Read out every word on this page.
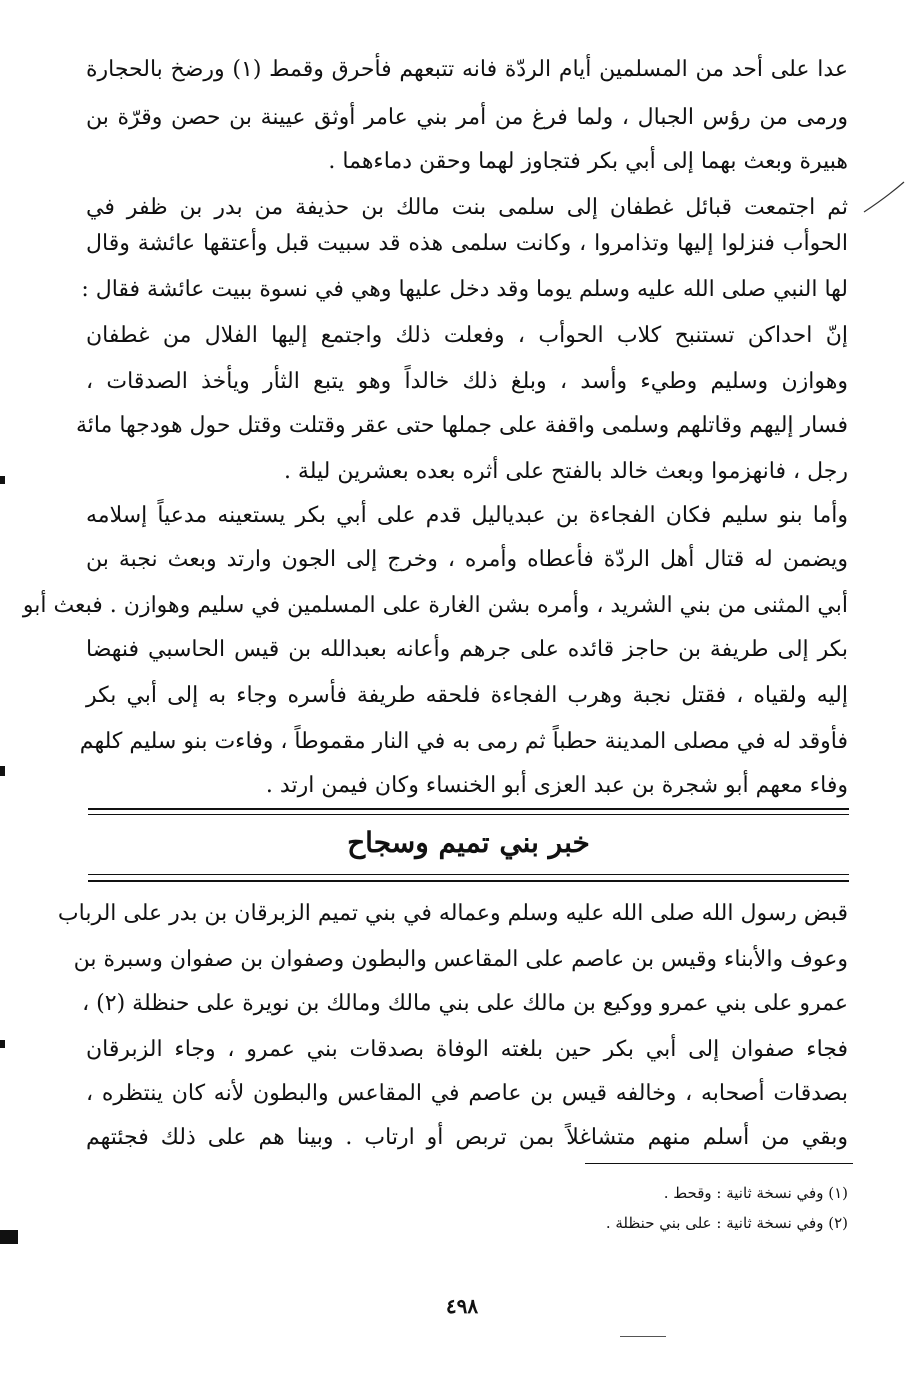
عدا على أحد من المسلمين أيام الردّة فانه تتبعهم فأحرق وقمط (١) ورضخ بالحجارة
ورمى من رؤس الجبال ، ولما فرغ من أمر بني عامر أوثق عيينة بن حصن وقرّة بن
هبيرة وبعث بهما إلى أبي بكر فتجاوز لهما وحقن دماءهما .
ثم اجتمعت قبائل غطفان إلى سلمى بنت مالك بن حذيفة من بدر بن ظفر في
الحوأب فنزلوا إليها وتذامروا ، وكانت سلمى هذه قد سبيت قبل وأعتقها عائشة وقال
لها النبي صلى الله عليه وسلم يوما وقد دخل عليها وهي في نسوة ببيت عائشة فقال :
إنّ احداكن تستنبح كلاب الحوأب ، وفعلت ذلك واجتمع إليها الفلال من غطفان
وهوازن وسليم وطيء وأسد ، وبلغ ذلك خالداً وهو يتبع الثأر ويأخذ الصدقات ،
فسار إليهم وقاتلهم وسلمى واقفة على جملها حتى عقر وقتلت وقتل حول هودجها مائة
رجل ، فانهزموا وبعث خالد بالفتح على أثره بعده بعشرين ليلة .
وأما بنو سليم فكان الفجاءة بن عبدياليل قدم على أبي بكر يستعينه مدعياً إسلامه
ويضمن له قتال أهل الردّة فأعطاه وأمره ، وخرج إلى الجون وارتد وبعث نجبة بن
أبي المثنى من بني الشريد ، وأمره بشن الغارة على المسلمين في سليم وهوازن . فبعث أبو
بكر إلى طريفة بن حاجز قائده على جرهم وأعانه بعبدالله بن قيس الحاسبي فنهضا
إليه ولقياه ، فقتل نجبة وهرب الفجاءة فلحقه طريفة فأسره وجاء به إلى أبي بكر
فأوقد له في مصلى المدينة حطباً ثم رمى به في النار مقموطاً ، وفاءت بنو سليم كلهم
وفاء معهم أبو شجرة بن عبد العزى أبو الخنساء وكان فيمن ارتد .
خبر بني تميم وسجاح
قبض رسول الله صلى الله عليه وسلم وعماله في بني تميم الزبرقان بن بدر على الرباب
وعوف والأبناء وقيس بن عاصم على المقاعس والبطون وصفوان بن صفوان وسبرة بن
عمرو على بني عمرو ووكيع بن مالك على بني مالك ومالك بن نويرة على حنظلة (٢) ،
فجاء صفوان إلى أبي بكر حين بلغته الوفاة بصدقات بني عمرو ، وجاء الزبرقان
بصدقات أصحابه ، وخالفه قيس بن عاصم في المقاعس والبطون لأنه كان ينتظره ،
وبقي من أسلم منهم متشاغلاً بمن تربص أو ارتاب . وبينا هم على ذلك فجئتهم
(١) وفي نسخة ثانية : وقحط .
(٢) وفي نسخة ثانية : على بني حنظلة .
٤٩٨
